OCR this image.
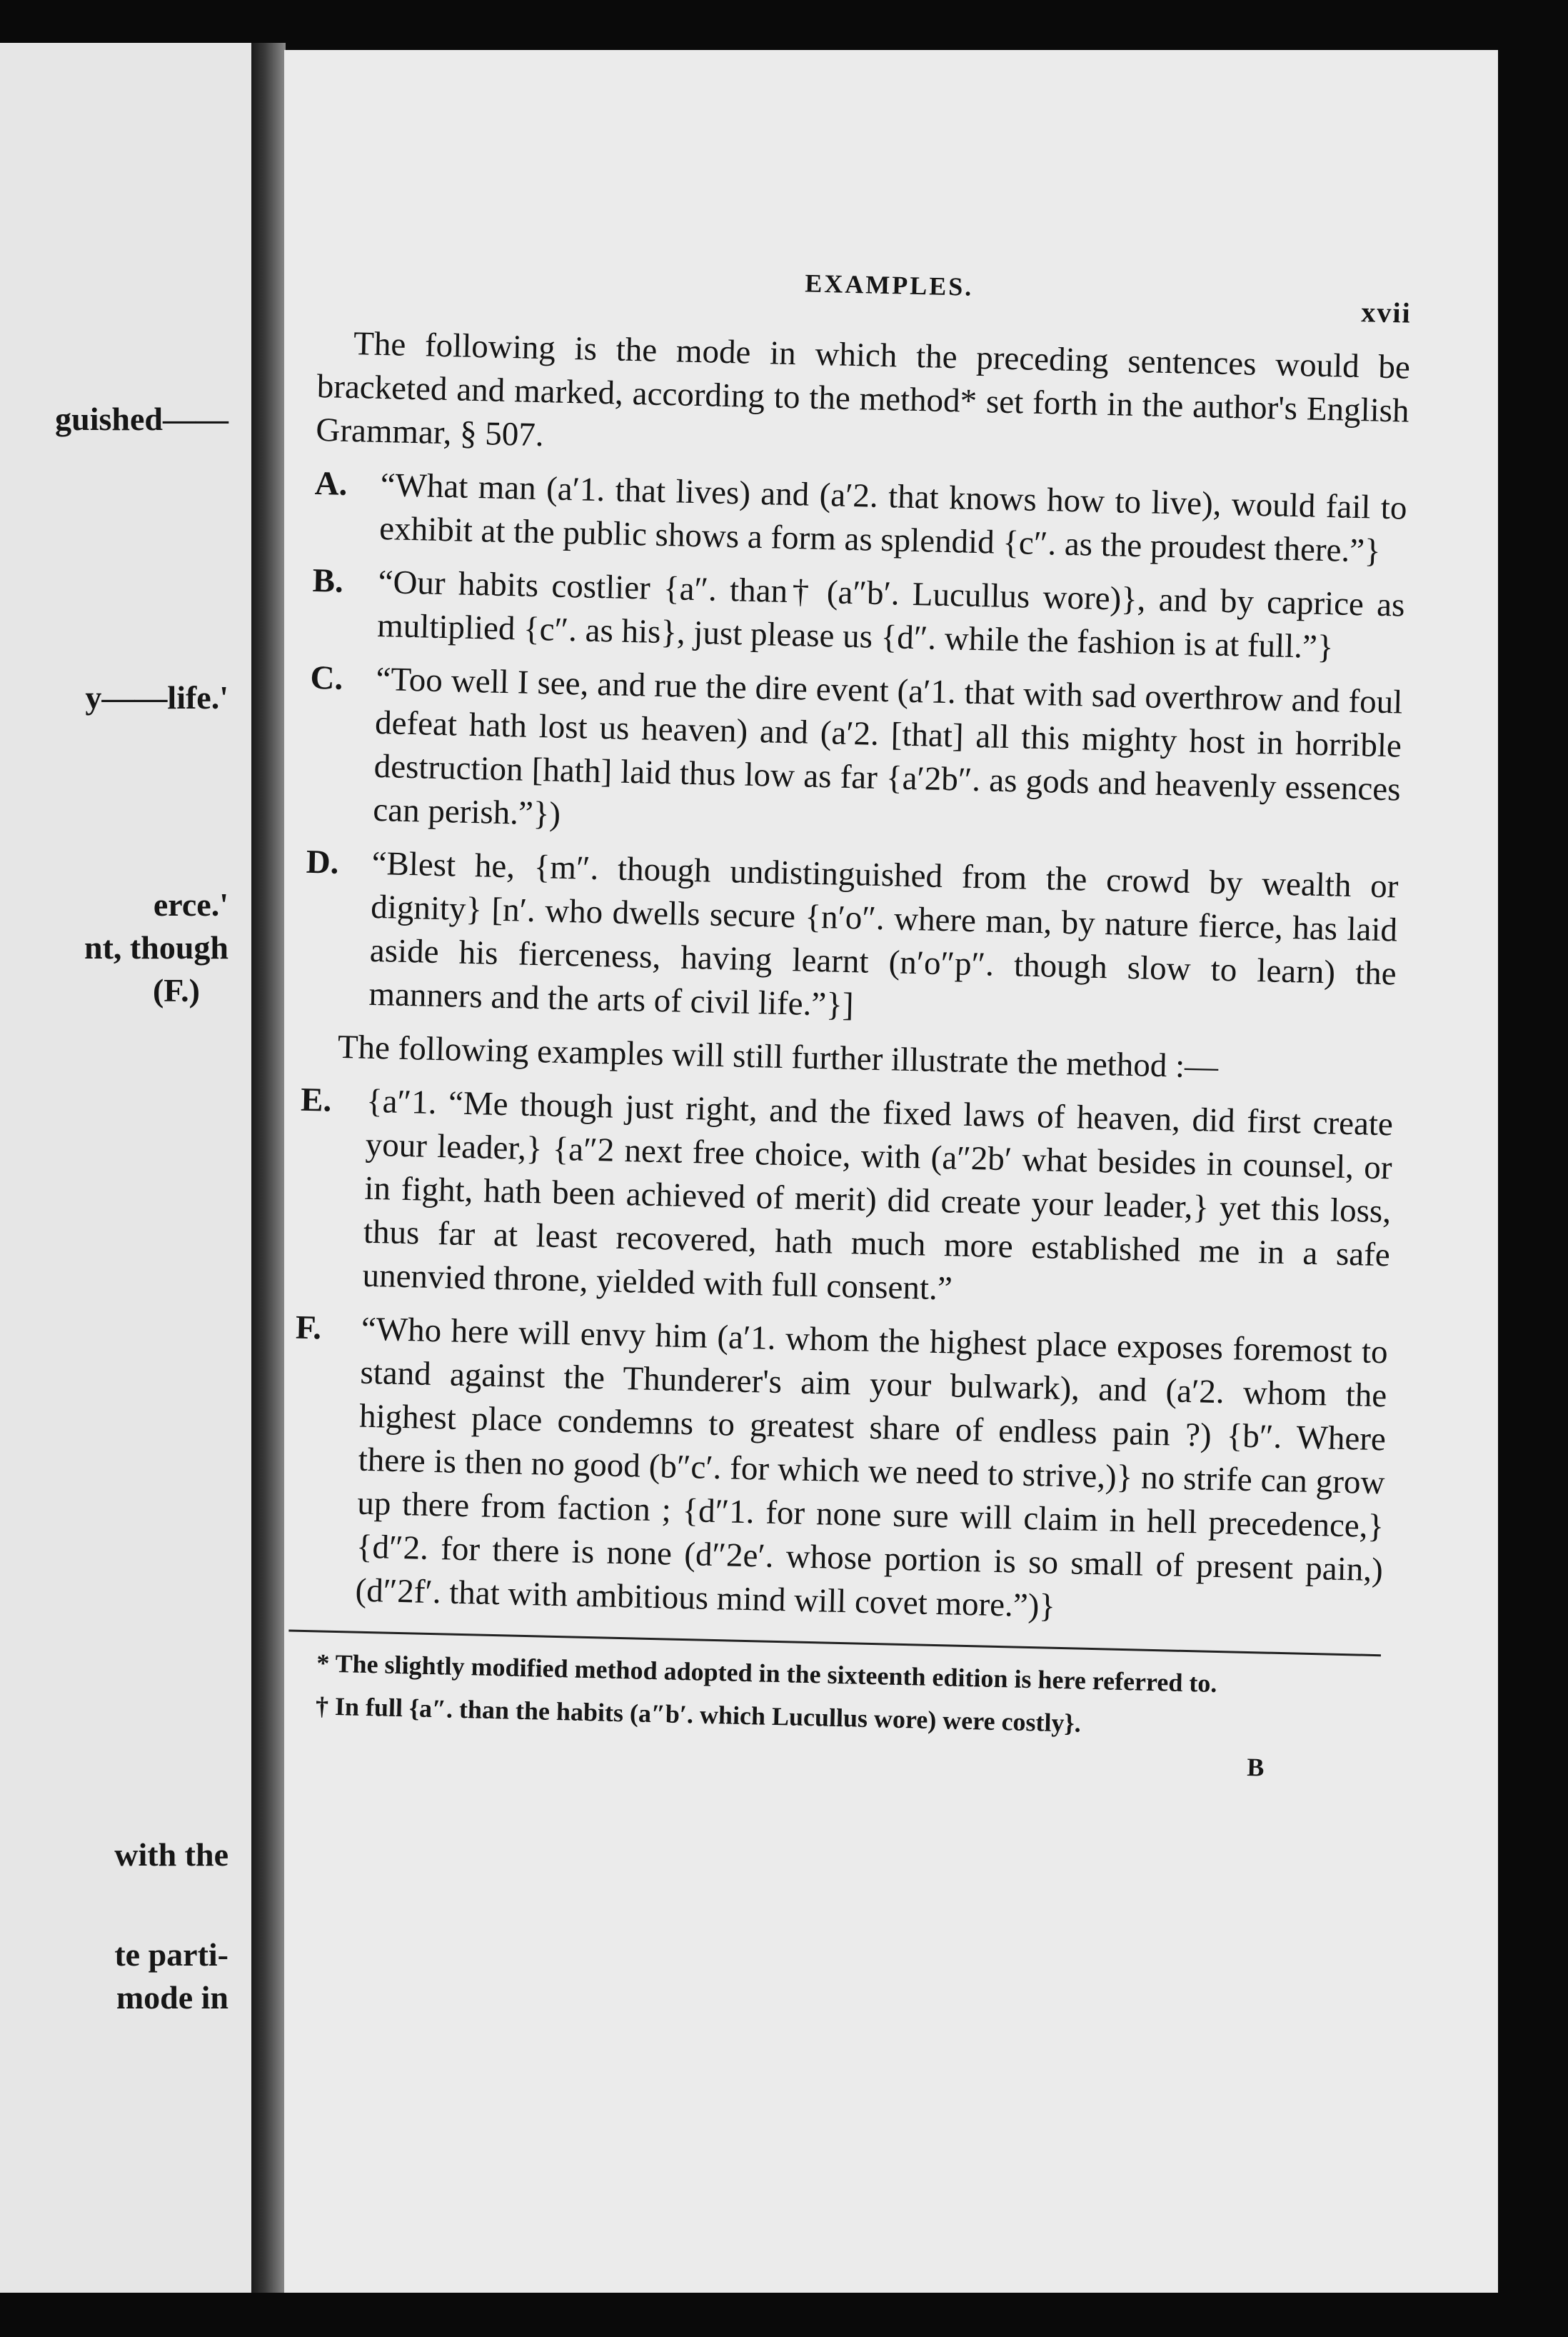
guished——
y——life.'
erce.'
nt, though
(F.)
with the
te parti-
mode in
EXAMPLES.
xvii

The following is the mode in which the preceding sentences would be bracketed and marked, according to the method* set forth in the author's English Grammar, § 507.

A. “What man (a′1. that lives) and (a′2. that knows how to live), would fail to exhibit at the public shows a form as splendid {c″. as the proudest there.”}

B.	“Our habits costlier {a″. than† (a″b′. Lucullus wore)}, and by caprice as multiplied {c″. as his}, just please us {d″. while the fashion is at full.”}

C. “Too well I see, and rue the dire event (a′1. that with sad overthrow and foul defeat hath lost us heaven) and (a′2. [that] all this mighty host in horrible destruction [hath] laid thus low as far {a′2b″. as gods and heavenly essences can perish.”})

D. “Blest he, {m″. though undistinguished from the crowd by wealth or dignity} [n′. who dwells secure {n′o″. where man, by nature fierce, has laid aside his fierceness, having learnt (n′o″p″. though slow to learn) the manners and the arts of civil life.”}]

The following examples will still further illustrate the method :—

E.	{a″1. “Me though just right, and the fixed laws of heaven, did first create your leader,} {a″2 next free choice, with (a″2b′ what besides in counsel, or in fight, hath been achieved of merit) did create your leader,} yet this loss, thus far at least recovered, hath much more established me in a safe unenvied throne, yielded with full consent.”

F.	“Who here will envy him (a′1. whom the highest place exposes foremost to stand against the Thunderer's aim your bulwark), and (a′2. whom the highest place condemns to greatest share of endless pain ?) {b″. Where there is then no good (b″c′. for which we need to strive,)} no strife can grow up there from faction ; {d″1. for none sure will claim in hell precedence,} {d″2. for there is none (d″2e′. whose portion is so small of present pain,) (d″2f′. that with ambitious mind will covet more.”)}

* The slightly modified method adopted in the sixteenth edition is here referred to.

† In full {a″. than the habits (a″b′. which Lucullus wore) were costly}.

B
